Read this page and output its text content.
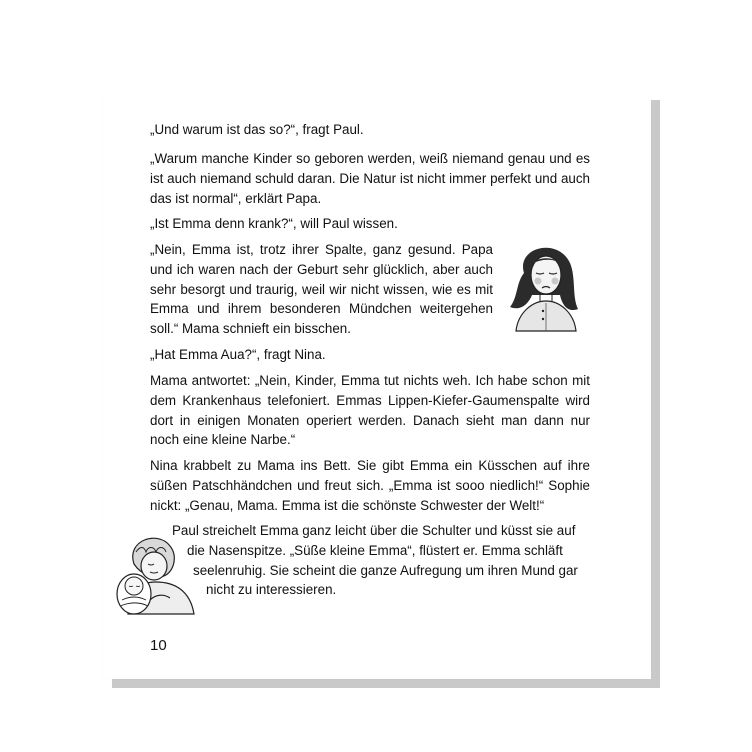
„Und warum ist das so?“, fragt Paul.

„Warum manche Kinder so geboren werden, weiß niemand genau und es ist auch niemand schuld daran. Die Natur ist nicht immer perfekt und auch das ist normal“, erklärt Papa.

„Ist Emma denn krank?“, will Paul wissen.

„Nein, Emma ist, trotz ihrer Spalte, ganz gesund. Papa und ich waren nach der Geburt sehr glücklich, aber auch sehr besorgt und traurig, weil wir nicht wissen, wie es mit Emma und ihrem besonderen Mündchen weitergehen soll.“ Mama schnieft ein bisschen.

„Hat Emma Aua?“, fragt Nina.

Mama antwortet: „Nein, Kinder, Emma tut nichts weh. Ich habe schon mit dem Krankenhaus telefoniert. Emmas Lippen-Kiefer-Gaumenspalte wird dort in einigen Monaten operiert werden. Danach sieht man dann nur noch eine kleine Narbe.“

Nina krabbelt zu Mama ins Bett. Sie gibt Emma ein Küsschen auf ihre süßen Patschhändchen und freut sich. „Emma ist sooo niedlich!“ Sophie nickt: „Genau, Mama. Emma ist die schönste Schwester der Welt!“

Paul streichelt Emma ganz leicht über die Schulter und küsst sie auf
die Nasenspitze. „Süße kleine Emma“, flüstert er. Emma schläft
seelenruhig. Sie scheint die ganze Aufregung um ihren Mund gar
nicht zu interessieren.
10
